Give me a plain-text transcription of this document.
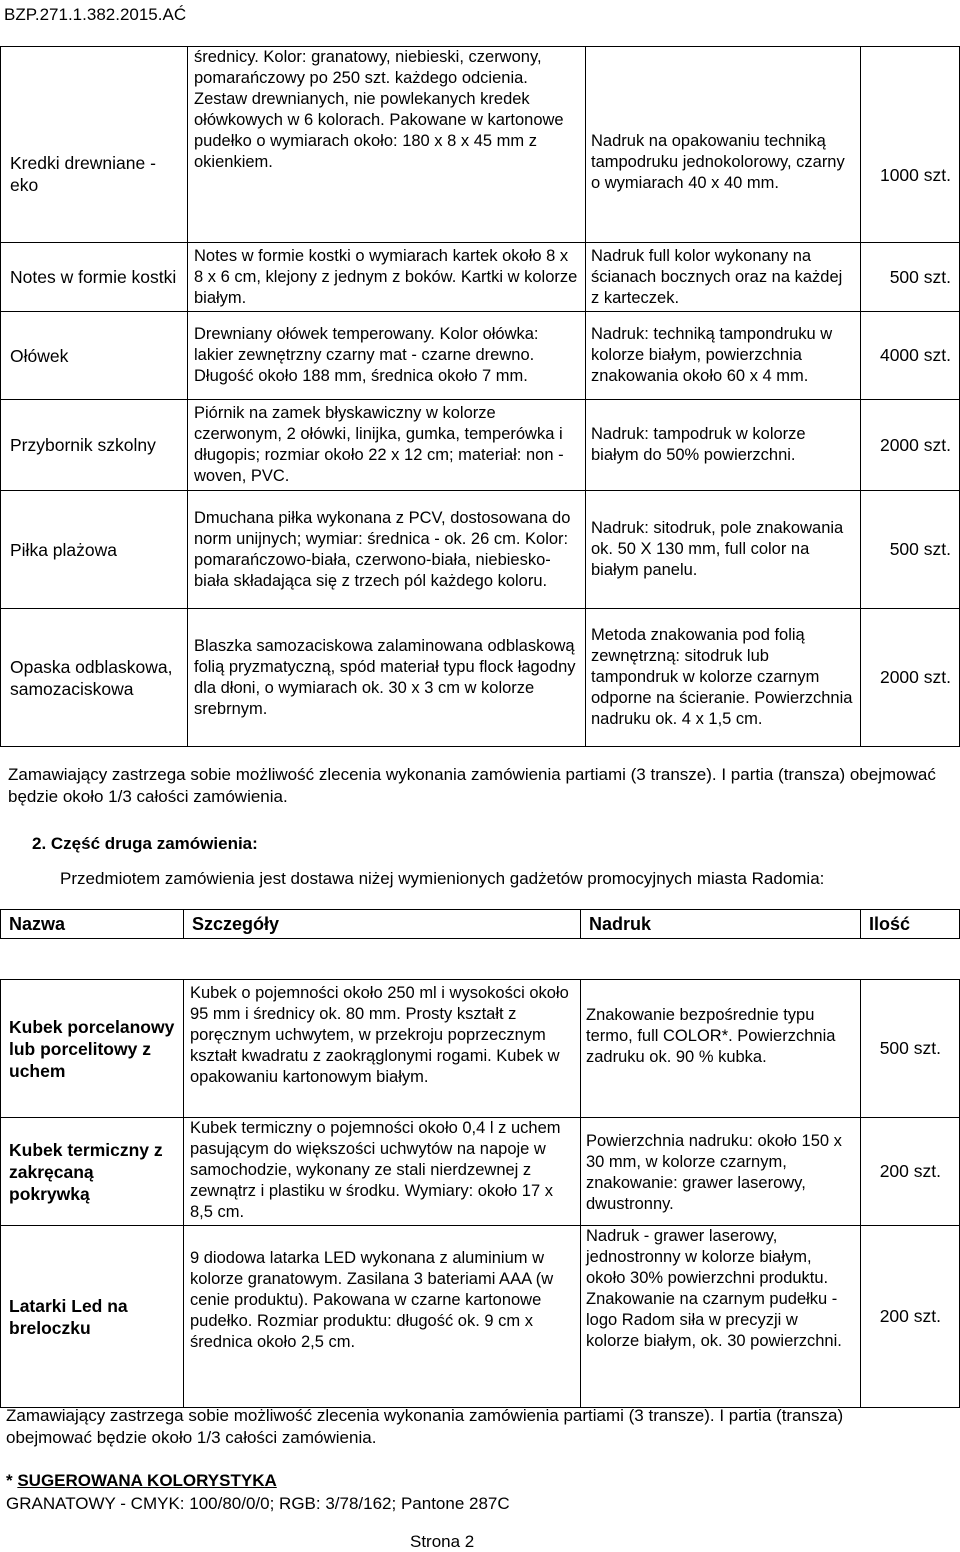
BZP.271.1.382.2015.AĆ
Kredki drewniane - eko	średnicy. Kolor: granatowy, niebieski, czerwony, pomarańczowy po 250 szt. każdego odcienia. Zestaw drewnianych, nie powlekanych kredek ołówkowych w 6 kolorach. Pakowane w kartonowe pudełko o wymiarach około: 180 x 8 x 45 mm z okienkiem.	Nadruk na opakowaniu techniką tampodruku jednokolorowy, czarny o wymiarach 40 x 40 mm.	1000 szt.
Notes w formie kostki	Notes w formie kostki o wymiarach kartek około 8 x 8 x 6 cm, klejony z jednym z boków. Kartki w kolorze białym.	Nadruk full kolor wykonany na ścianach bocznych oraz na każdej z karteczek.	500 szt.
Ołówek	Drewniany ołówek temperowany. Kolor ołówka: lakier zewnętrzny czarny mat - czarne drewno. Długość około 188 mm, średnica około 7 mm.	Nadruk: techniką tampondruku w kolorze białym, powierzchnia znakowania około 60 x 4 mm.	4000 szt.
Przybornik szkolny	Piórnik na zamek błyskawiczny w kolorze czerwonym, 2 ołówki, linijka, gumka, temperówka i długopis; rozmiar około 22 x 12 cm; materiał: non -woven, PVC.	Nadruk: tampodruk w kolorze białym do 50% powierzchni.	2000 szt.
Piłka plażowa	Dmuchana piłka wykonana z PCV, dostosowana do norm unijnych; wymiar: średnica - ok. 26 cm. Kolor: pomarańczowo-biała, czerwono-biała, niebiesko-biała składająca się z trzech pól każdego koloru.	Nadruk: sitodruk, pole znakowania ok. 50 X 130 mm, full color na białym panelu.	500 szt.
Opaska odblaskowa, samozaciskowa	Blaszka samozaciskowa zalaminowana odblaskową folią pryzmatyczną, spód materiał typu flock łagodny dla dłoni, o wymiarach ok. 30 x 3 cm w kolorze srebrnym.	Metoda znakowania pod folią zewnętrzną: sitodruk lub tampondruk w kolorze czarnym odporne na ścieranie. Powierzchnia nadruku ok. 4 x 1,5 cm.	2000 szt.
Zamawiający zastrzega sobie możliwość zlecenia wykonania zamówienia partiami (3 transze). I partia (transza) obejmować będzie około 1/3 całości zamówienia.
2. Część druga zamówienia:
Przedmiotem zamówienia jest dostawa niżej wymienionych gadżetów promocyjnych miasta Radomia:
Nazwa	Szczegóły	Nadruk	Ilość

Kubek porcelanowy lub porcelitowy z uchem	Kubek o pojemności około 250 ml i wysokości około 95 mm i średnicy ok. 80 mm. Prosty kształt z poręcznym uchwytem, w przekroju poprzecznym kształt kwadratu z zaokrąglonymi rogami. Kubek w opakowaniu kartonowym białym.	Znakowanie bezpośrednie typu termo, full COLOR*. Powierzchnia zadruku ok. 90 % kubka.	500 szt.
Kubek termiczny z zakręcaną pokrywką	Kubek termiczny o pojemności około 0,4 l z uchem pasującym do większości uchwytów na napoje w samochodzie, wykonany ze stali nierdzewnej z zewnątrz i plastiku w środku. Wymiary: około 17 x 8,5 cm.	Powierzchnia nadruku: około 150 x 30 mm, w kolorze czarnym, znakowanie: grawer laserowy, dwustronny.	200 szt.
Latarki Led na breloczku	9 diodowa latarka LED wykonana z aluminium w kolorze granatowym. Zasilana 3 bateriami AAA (w cenie produktu). Pakowana w czarne kartonowe pudełko. Rozmiar produktu: długość ok. 9 cm x średnica około 2,5 cm.	Nadruk - grawer laserowy, jednostronny w kolorze białym, około 30% powierzchni produktu. Znakowanie na czarnym pudełku - logo Radom siła w precyzji w kolorze białym, ok. 30 powierzchni.	200 szt.
Zamawiający zastrzega sobie możliwość zlecenia wykonania zamówienia partiami (3 transze). I partia (transza) obejmować będzie około 1/3 całości zamówienia.
* SUGEROWANA KOLORYSTYKA
GRANATOWY - CMYK: 100/80/0/0; RGB: 3/78/162; Pantone 287C
Strona 2
